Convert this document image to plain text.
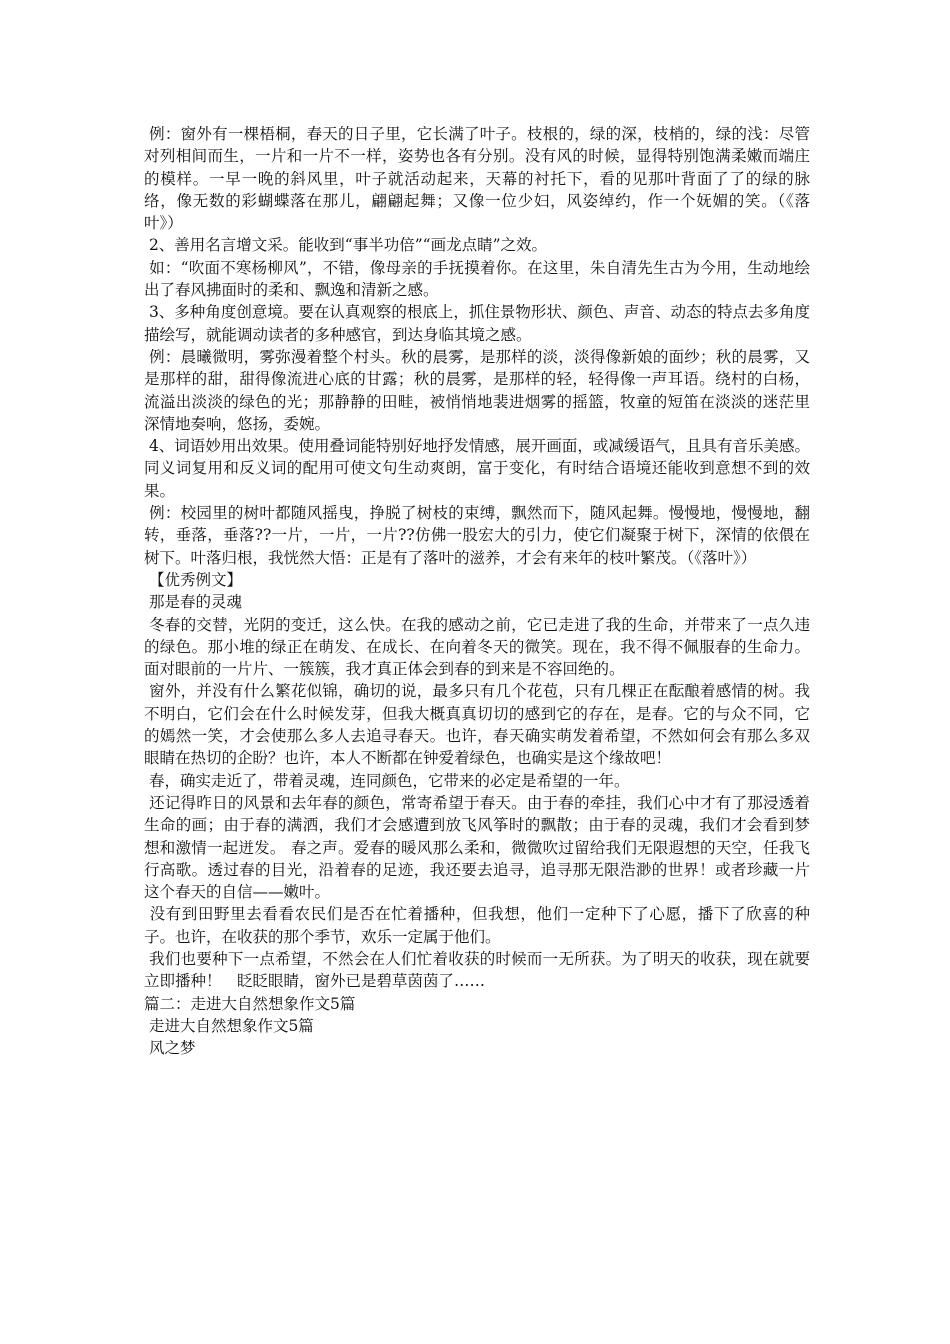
例：窗外有一棵梧桐，春天的日子里，它长满了叶子。枝根的，绿的深，枝梢的，绿的浅：尽管对列相间而生，一片和一片不一样，姿势也各有分别。没有风的时候，显得特别饱满柔嫩而端庄的模样。一早一晚的斜风里，叶子就活动起来，天幕的衬托下，看的见那叶背面了了的绿的脉络，像无数的彩蝴蝶落在那儿，翩翩起舞；又像一位少妇，风姿绰约，作一个妩媚的笑。（《落叶》）

2、善用名言增文采。能收到“事半功倍”“画龙点睛”之效。

如：“吹面不寒杨柳风”，不错，像母亲的手抚摸着你。在这里，朱自清先生古为今用，生动地绘出了春风拂面时的柔和、飘逸和清新之感。

3、多种角度创意境。要在认真观察的根底上，抓住景物形状、颜色、声音、动态的特点去多角度描绘写，就能调动读者的多种感官，到达身临其境之感。

例：晨曦微明，雾弥漫着整个村头。秋的晨雾，是那样的淡，淡得像新娘的面纱；秋的晨雾，又是那样的甜，甜得像流进心底的甘露；秋的晨雾，是那样的轻，轻得像一声耳语。绕村的白杨，流溢出淡淡的绿色的光；那静静的田畦，被悄悄地裴进烟雾的摇篮，牧童的短笛在淡淡的迷茫里深情地奏响，悠扬，委婉。

4、词语妙用出效果。使用叠词能特别好地抒发情感，展开画面，或减缓语气，且具有音乐美感。同义词复用和反义词的配用可使文句生动爽朗，富于变化，有时结合语境还能收到意想不到的效果。

例：校园里的树叶都随风摇曳，挣脱了树枝的束缚，飘然而下，随风起舞。慢慢地，慢慢地，翻转，垂落，垂落??一片，一片，一片??仿佛一股宏大的引力，使它们凝聚于树下，深情的依偎在树下。叶落归根，我恍然大悟：正是有了落叶的滋养，才会有来年的枝叶繁茂。（《落叶》）

【优秀例文】

那是春的灵魂

冬春的交替，光阴的变迁，这么快。在我的感动之前，它已走进了我的生命，并带来了一点久违的绿色。那小堆的绿正在萌发、在成长、在向着冬天的微笑。现在，我不得不佩服春的生命力。面对眼前的一片片、一簇簇，我才真正体会到春的到来是不容回绝的。

窗外，并没有什么繁花似锦，确切的说，最多只有几个花苞，只有几棵正在酝酿着感情的树。我不明白，它们会在什么时候发芽，但我大概真真切切的感到它的存在，是春。它的与众不同，它的嫣然一笑，才会使那么多人去追寻春天。也许，春天确实萌发着希望，不然如何会有那么多双眼睛在热切的企盼？也许，本人不断都在钟爱着绿色，也确实是这个缘故吧！

春，确实走近了，带着灵魂，连同颜色，它带来的必定是希望的一年。

还记得昨日的风景和去年春的颜色，常寄希望于春天。由于春的牵挂，我们心中才有了那浸透着生命的画；由于春的满洒，我们才会感遭到放飞风筝时的飘散；由于春的灵魂，我们才会看到梦想和激情一起迸发。 春之声。爱春的暖风那么柔和，微微吹过留给我们无限遐想的天空，任我飞行高歌。透过春的目光，沿着春的足迹，我还要去追寻，追寻那无限浩渺的世界！或者珍藏一片这个春天的自信——嫩叶。

没有到田野里去看看农民们是否在忙着播种，但我想，他们一定种下了心愿，播下了欣喜的种子。也许，在收获的那个季节，欢乐一定属于他们。

我们也要种下一点希望，不然会在人们忙着收获的时候而一无所获。为了明天的收获，现在就要立即播种！　眨眨眼睛，窗外已是碧草茵茵了……

篇二：走进大自然想象作文5篇

走进大自然想象作文5篇

风之梦
